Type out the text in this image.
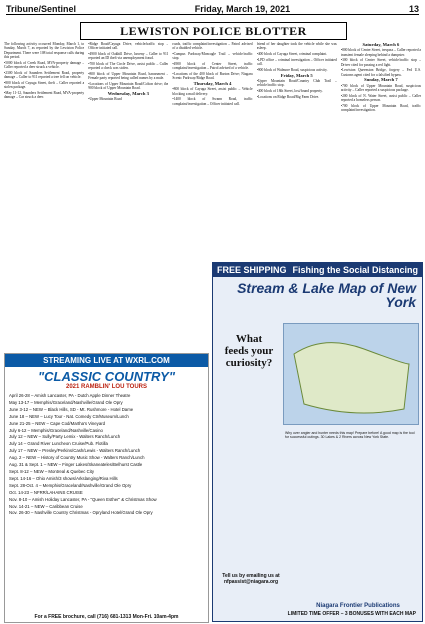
Tribune/Sentinel	Friday, March 19, 2021	13
LEWISTON POLICE BLOTTER

The following activity occurred Monday, March 1, to Sunday, March 7, as reported by the Lewiston Police Department. There were 108 total response calls during this period.

•5000 block of Creek Road, MVA-property damage – Caller reported a deer struck a vehicle.

•2300 block of Saunders Settlement Road, property damage – Caller to 911 reported a tree fell on vehicle.

•800 block of Cayuga Street, theft – Caller reported a stolen package.

•May 11-12, Saunders Settlement Road, MVA-property damage – Car struck a deer.

•Ridge Road/Cayuga Drive, vehicle/traffic stop – Officer initiated call.

•4900 block of Oakhill Drive, larceny – Caller to 911 reported an ID theft via unemployment fraud.

•700 block of The Circle Drive, assist public – Caller reported a check was stolen.

•800 block of Upper Mountain Road, harassment – Female party reported being called names by a male.

•Locations of Upper Mountain Road/Colton drive; the 900 block of Upper Mountain Road.

Wednesday, March 3

•Upper Mountain Road

roads, traffic complaint/investigation – Patrol advised of a disabled vehicle.

•Campus Parkway/Moncagle Trail – vehicle/traffic stop.

•4900 block of Center Street, traffic complaint/investigation – Patrol advised of a vehicle.

•Locations of the 400 block of Barton Drive; Niagara Scenic Parkway/Ridge Road.

Thursday, March 4

•800 block of Cayuga Street, assist public – Vehicle blocking a mail delivery.

•1400 block of Swann Road, traffic complaint/investigation – Officer initiated call.

friend of her daughter took the vehicle while she was asleep.

•400 block of Cayuga Street, criminal complaint.

•LPD office – criminal investigation – Officer initiated call.

•900 block of Walmore Road, suspicious activity.

Friday, March 5

•Upper Mountain Road/Country Club Trail – vehicle/traffic stop.

•400 block of 18th Street, lost/found property.

•Locations on Ridge Road/Big Farm Drive.

Saturday, March 6

•800 block of Center Street, trespass – Caller reported a transient female sleeping behind a dumpster.

•300 block of Center Street, vehicle/traffic stop – Driver cited for passing a red light.

•Lewiston Queenston Bridge, forgery – Fed U.S. Customs agent cited for a falsified bypass.

Sunday, March 7

•700 block of Upper Mountain Road, suspicious activity – Caller reported a suspicious package.

•200 block of N. Water Street, assist public – Caller reported a homeless person.

•700 block of Upper Mountain Road, traffic complaint/investigation.

STREAMING LIVE AT WXRL.COM
"CLASSIC COUNTRY"
2021 RAMBLIN' LOU TOURS
April 26-28 – Amish Lancaster, PA - Dutch Apple Dinner Theatre
May 13-17 – Memphis/Graceland/Nashville/Grand Ole Opry
June 3-12 – NEW – Black Hills, SD - Mt. Rushmore - Hotel Dame
June 18 – NEW – Lucy Tour - Nat. Comedy Ctr/Museum/Lunch
June 21-25 – NEW – Cape Cod/Martha's Vineyard
July 6-12 – Memphis/Graceland/Nashville/Casino
July 12 – NEW – Sully/Party Lemix - Walters Ranch/Lunch
July 14 – Grand River Luncheon Cruise/Pub. Flotilla
July 17 – NEW – Presley/Perkins/Cash/Lewis - Walters Ranch/Lunch
Aug. 2 – NEW – History of Country Music Show - Walters Ranch/Lunch
Aug. 31 & Sept. 1 – NEW – Finger Lakes/Skaneateles/Belhurst Castle
Sept. 8-12 – NEW – Montreal & Quebec City
Sept. 14-16 – Ohio Amish/3 shows/Arkslanging/Riva Hills
Sept. 28-Oct. 4 – Memphis/Graceland/Nashville/Grand Ole Opry
Oct. 14-23 – NFRR/LAHAINS CRUISE
Nov. 8-10 – Amish Holiday Lancaster, PA - "Queen Esther" & Christmas Show
Nov. 14-21 – NEW – Caribbean Cruise
Nov. 26-30 – Nashville Country Christmas - Opryland Hotel/Grand Ole Opry
For a FREE brochure, call (716) 681-1313 Mon-Fri. 10am-4pm
FREE SHIPPING Fishing the Social Distancing
Stream & Lake Map of New York
What
feeds your
curiosity?
Why over angler and hunter needs this map! Prepare before! A good map is the tool for successful outings. 30 Lakes & 2 Rivers across New York State.
Tell us by emailing us at nfpassist@niagara.org
Niagara Frontier Publications
LIMITED TIME OFFER – 3 BONUSES WITH EACH MAP
